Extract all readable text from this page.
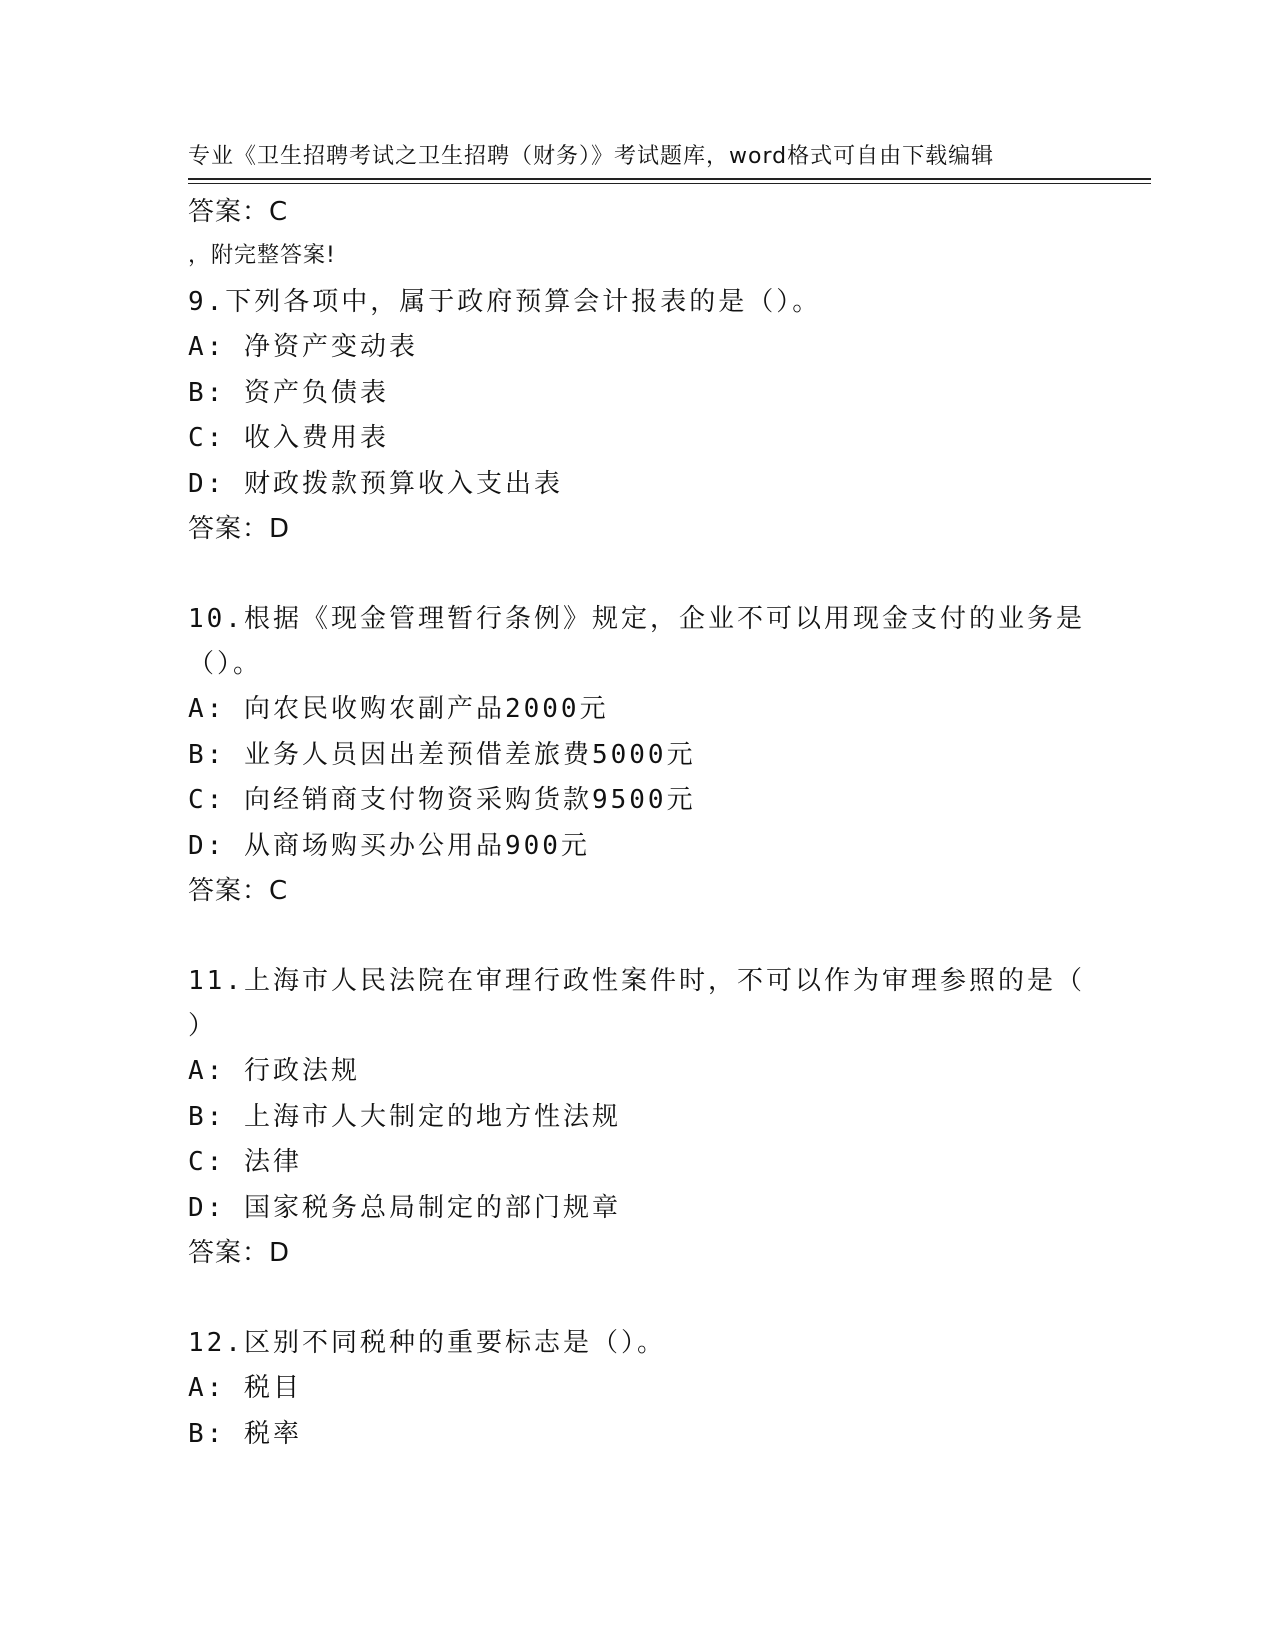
专业《卫生招聘考试之卫生招聘（财务）》考试题库，word格式可自由下载编辑

，附完整答案!

答案：C

9.下列各项中，属于政府预算会计报表的是（）。

A: 净资产变动表

B: 资产负债表

C: 收入费用表

D: 财政拨款预算收入支出表

答案：D

10.根据《现金管理暂行条例》规定，企业不可以用现金支付的业务是

（）。

A: 向农民收购农副产品2000元

B: 业务人员因出差预借差旅费5000元

C: 向经销商支付物资采购货款9500元

D: 从商场购买办公用品900元

答案：C

11.上海市人民法院在审理行政性案件时，不可以作为审理参照的是（

）

A: 行政法规

B: 上海市人大制定的地方性法规

C: 法律

D: 国家税务总局制定的部门规章

答案：D

12.区别不同税种的重要标志是（）。

A: 税目

B: 税率
